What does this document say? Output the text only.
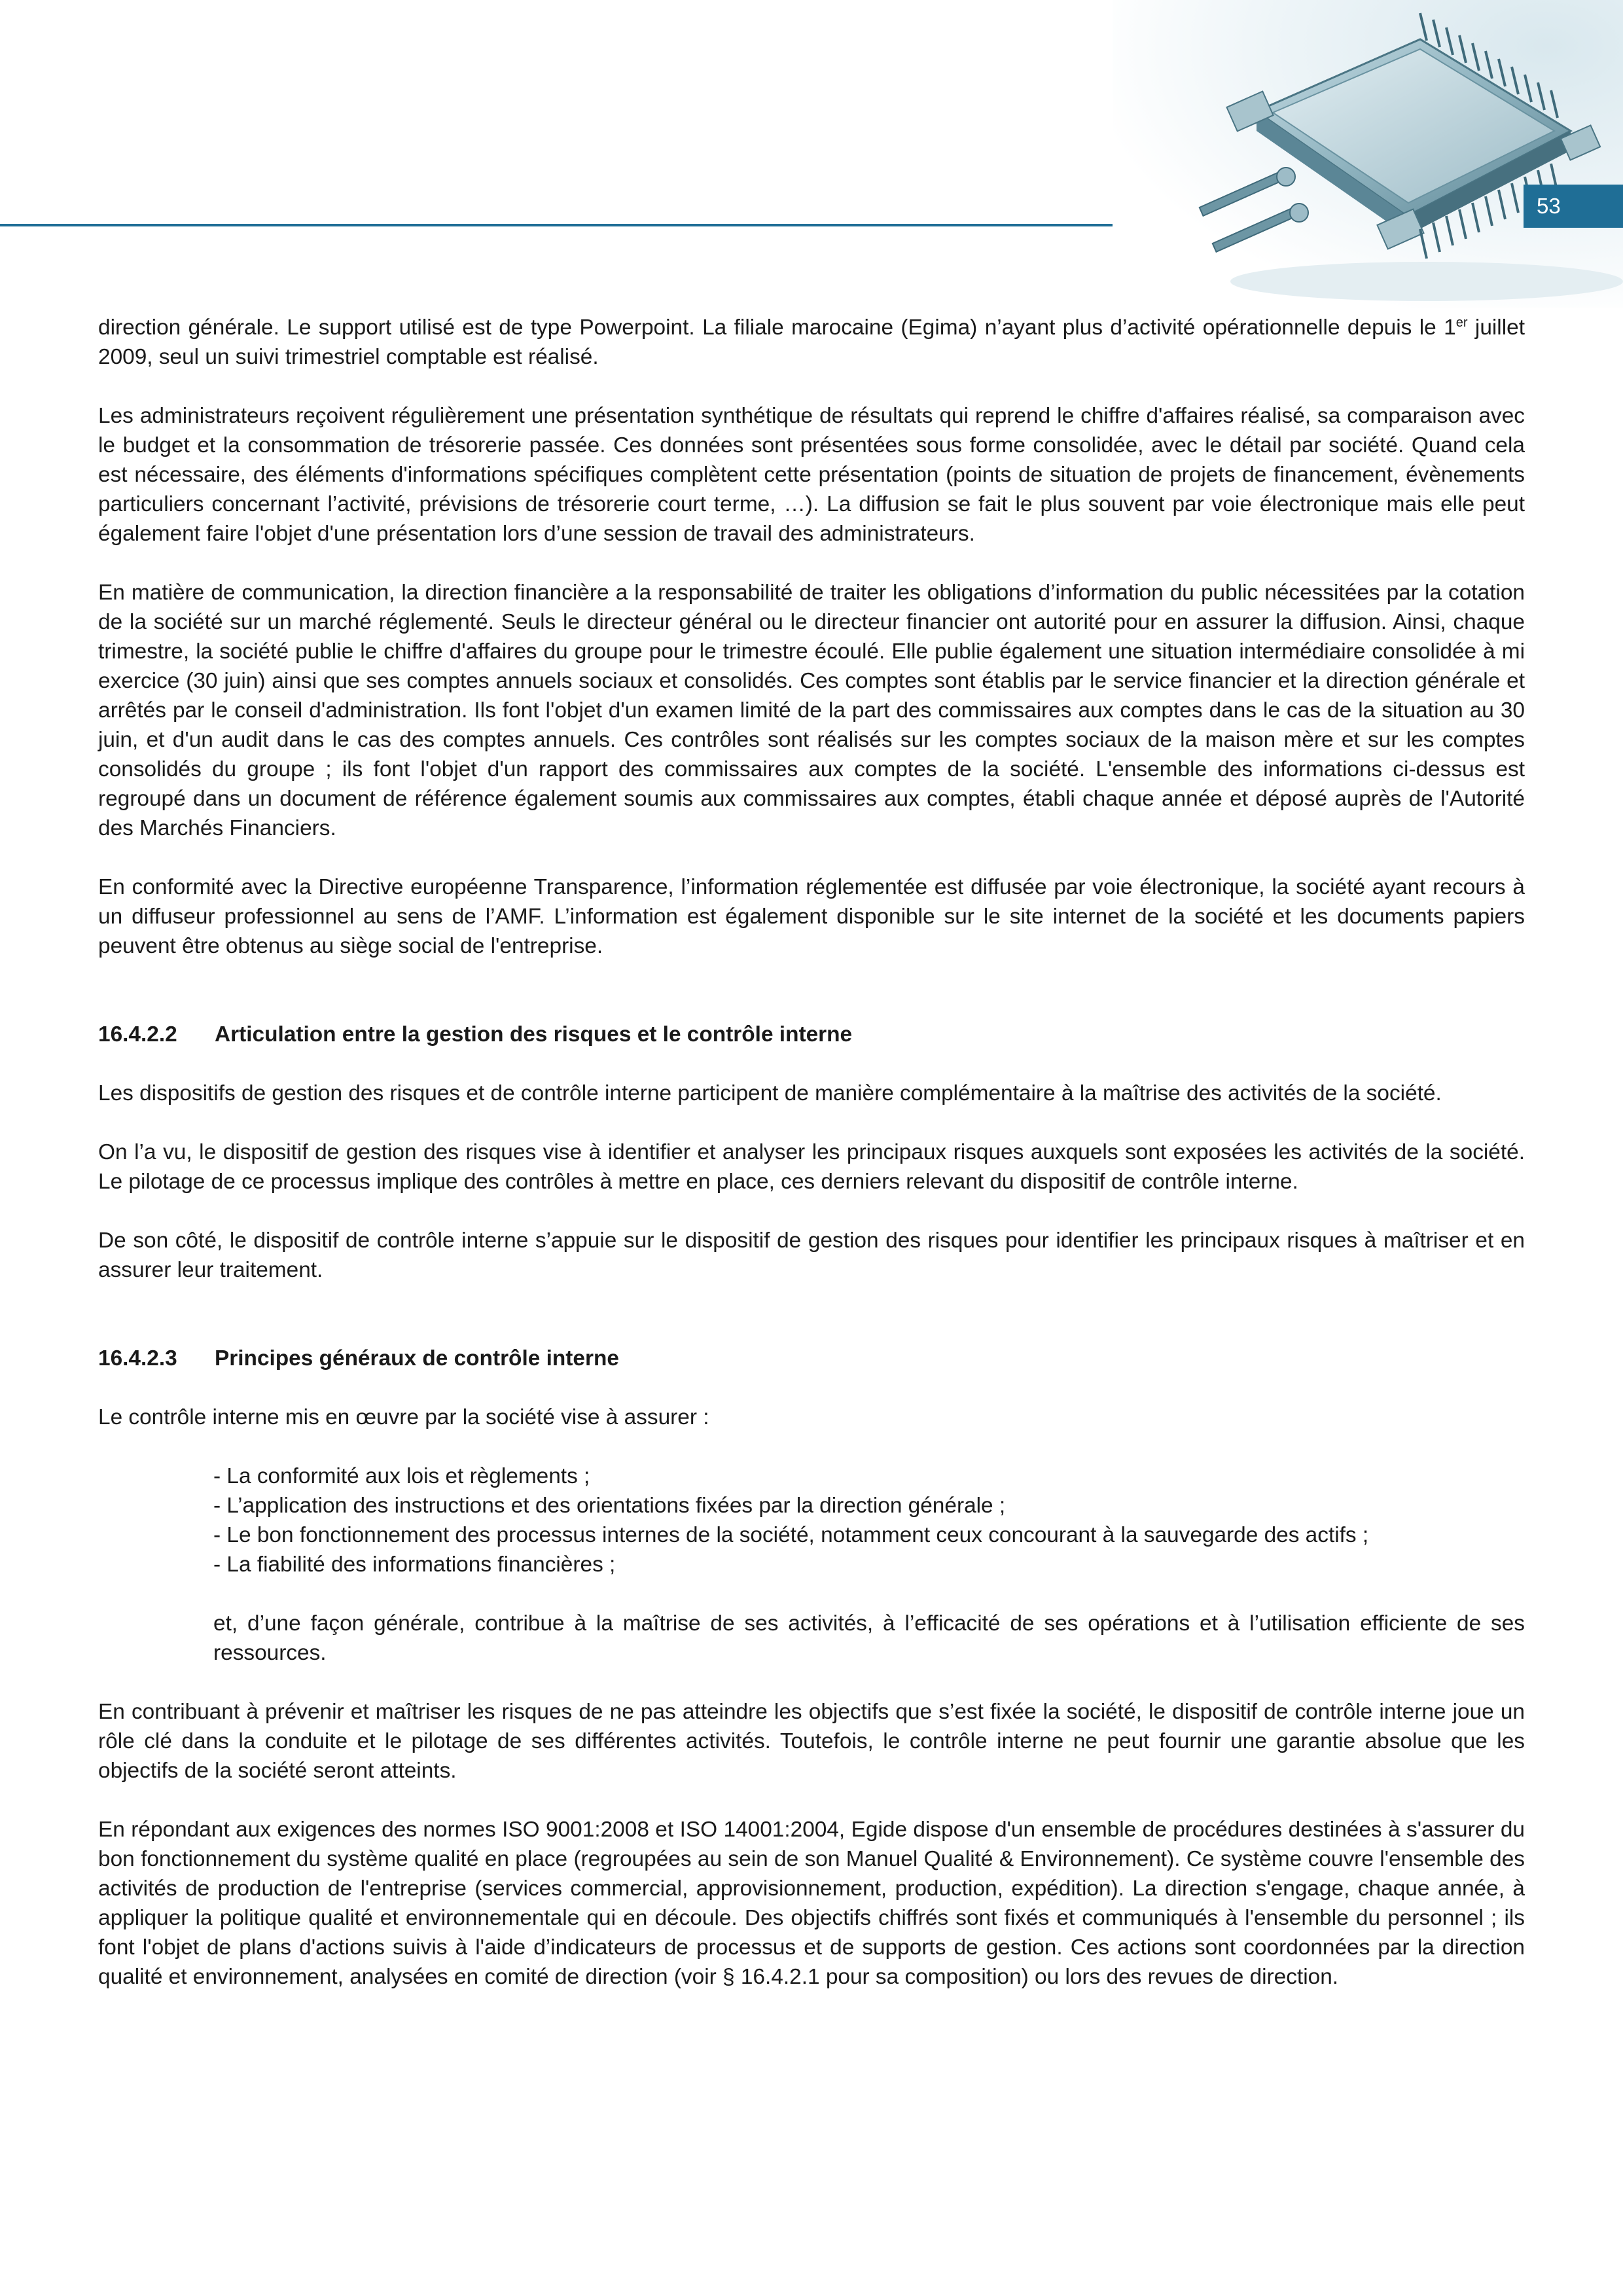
53

direction générale. Le support utilisé est de type Powerpoint. La filiale marocaine (Egima) n’ayant plus d’activité opérationnelle depuis le 1er juillet 2009, seul un suivi trimestriel comptable est réalisé.

Les administrateurs reçoivent régulièrement une présentation synthétique de résultats qui reprend le chiffre d'affaires réalisé, sa comparaison avec le budget et la consommation de trésorerie passée. Ces données sont présentées sous forme consolidée, avec le détail par société. Quand cela est nécessaire, des éléments d'informations spécifiques complètent cette présentation (points de situation de projets de financement, évènements particuliers concernant l’activité, prévisions de trésorerie court terme, …). La diffusion se fait le plus souvent par voie électronique mais elle peut également faire l'objet d'une présentation lors d’une session de travail des administrateurs.

En matière de communication, la direction financière a la responsabilité de traiter les obligations d’information du public nécessitées par la cotation de la société sur un marché réglementé. Seuls le directeur général ou le directeur financier ont autorité pour en assurer la diffusion. Ainsi, chaque trimestre, la société publie le chiffre d'affaires du groupe pour le trimestre écoulé. Elle publie également une situation intermédiaire consolidée à mi exercice (30 juin) ainsi que ses comptes annuels sociaux et consolidés. Ces comptes sont établis par le service financier et la direction générale et arrêtés par le conseil d'administration. Ils font l'objet d'un examen limité de la part des commissaires aux comptes dans le cas de la situation au 30 juin, et d'un audit dans le cas des comptes annuels. Ces contrôles sont réalisés sur les comptes sociaux de la maison mère et sur les comptes consolidés du groupe ; ils font l'objet d'un rapport des commissaires aux comptes de la société. L'ensemble des informations ci-dessus est regroupé dans un document de référence également soumis aux commissaires aux comptes, établi chaque année et déposé auprès de l'Autorité des Marchés Financiers.

En conformité avec la Directive européenne Transparence, l’information réglementée est diffusée par voie électronique, la société ayant recours à un diffuseur professionnel au sens de l’AMF. L’information est également disponible sur le site internet de la société et les documents papiers peuvent être obtenus au siège social de l'entreprise.

16.4.2.2 Articulation entre la gestion des risques et le contrôle interne

Les dispositifs de gestion des risques et de contrôle interne participent de manière complémentaire à la maîtrise des activités de la société.

On l’a vu, le dispositif de gestion des risques vise à identifier et analyser les principaux risques auxquels sont exposées les activités de la société. Le pilotage de ce processus implique des contrôles à mettre en place, ces derniers relevant du dispositif de contrôle interne.

De son côté, le dispositif de contrôle interne s’appuie sur le dispositif de gestion des risques pour identifier les principaux risques à maîtriser et en assurer leur traitement.

16.4.2.3 Principes généraux de contrôle interne

Le contrôle interne mis en œuvre par la société vise à assurer :

- La conformité aux lois et règlements ;

- L’application des instructions et des orientations fixées par la direction générale ;

- Le bon fonctionnement des processus internes de la société, notamment ceux concourant à la sauvegarde des actifs ;

- La fiabilité des informations financières ;

et, d’une façon générale, contribue à la maîtrise de ses activités, à l’efficacité de ses opérations et à l’utilisation efficiente de ses ressources.

En contribuant à prévenir et maîtriser les risques de ne pas atteindre les objectifs que s’est fixée la société, le dispositif de contrôle interne joue un rôle clé dans la conduite et le pilotage de ses différentes activités. Toutefois, le contrôle interne ne peut fournir une garantie absolue que les objectifs de la société seront atteints.

En répondant aux exigences des normes ISO 9001:2008 et ISO 14001:2004, Egide dispose d'un ensemble de procédures destinées à s'assurer du bon fonctionnement du système qualité en place (regroupées au sein de son Manuel Qualité & Environnement). Ce système couvre l'ensemble des activités de production de l'entreprise (services commercial, approvisionnement, production, expédition). La direction s'engage, chaque année, à appliquer la politique qualité et environnementale qui en découle. Des objectifs chiffrés sont fixés et communiqués à l'ensemble du personnel ; ils font l'objet de plans d'actions suivis à l'aide d’indicateurs de processus et de supports de gestion. Ces actions sont coordonnées par la direction qualité et environnement, analysées en comité de direction (voir § 16.4.2.1 pour sa composition) ou lors des revues de direction.
